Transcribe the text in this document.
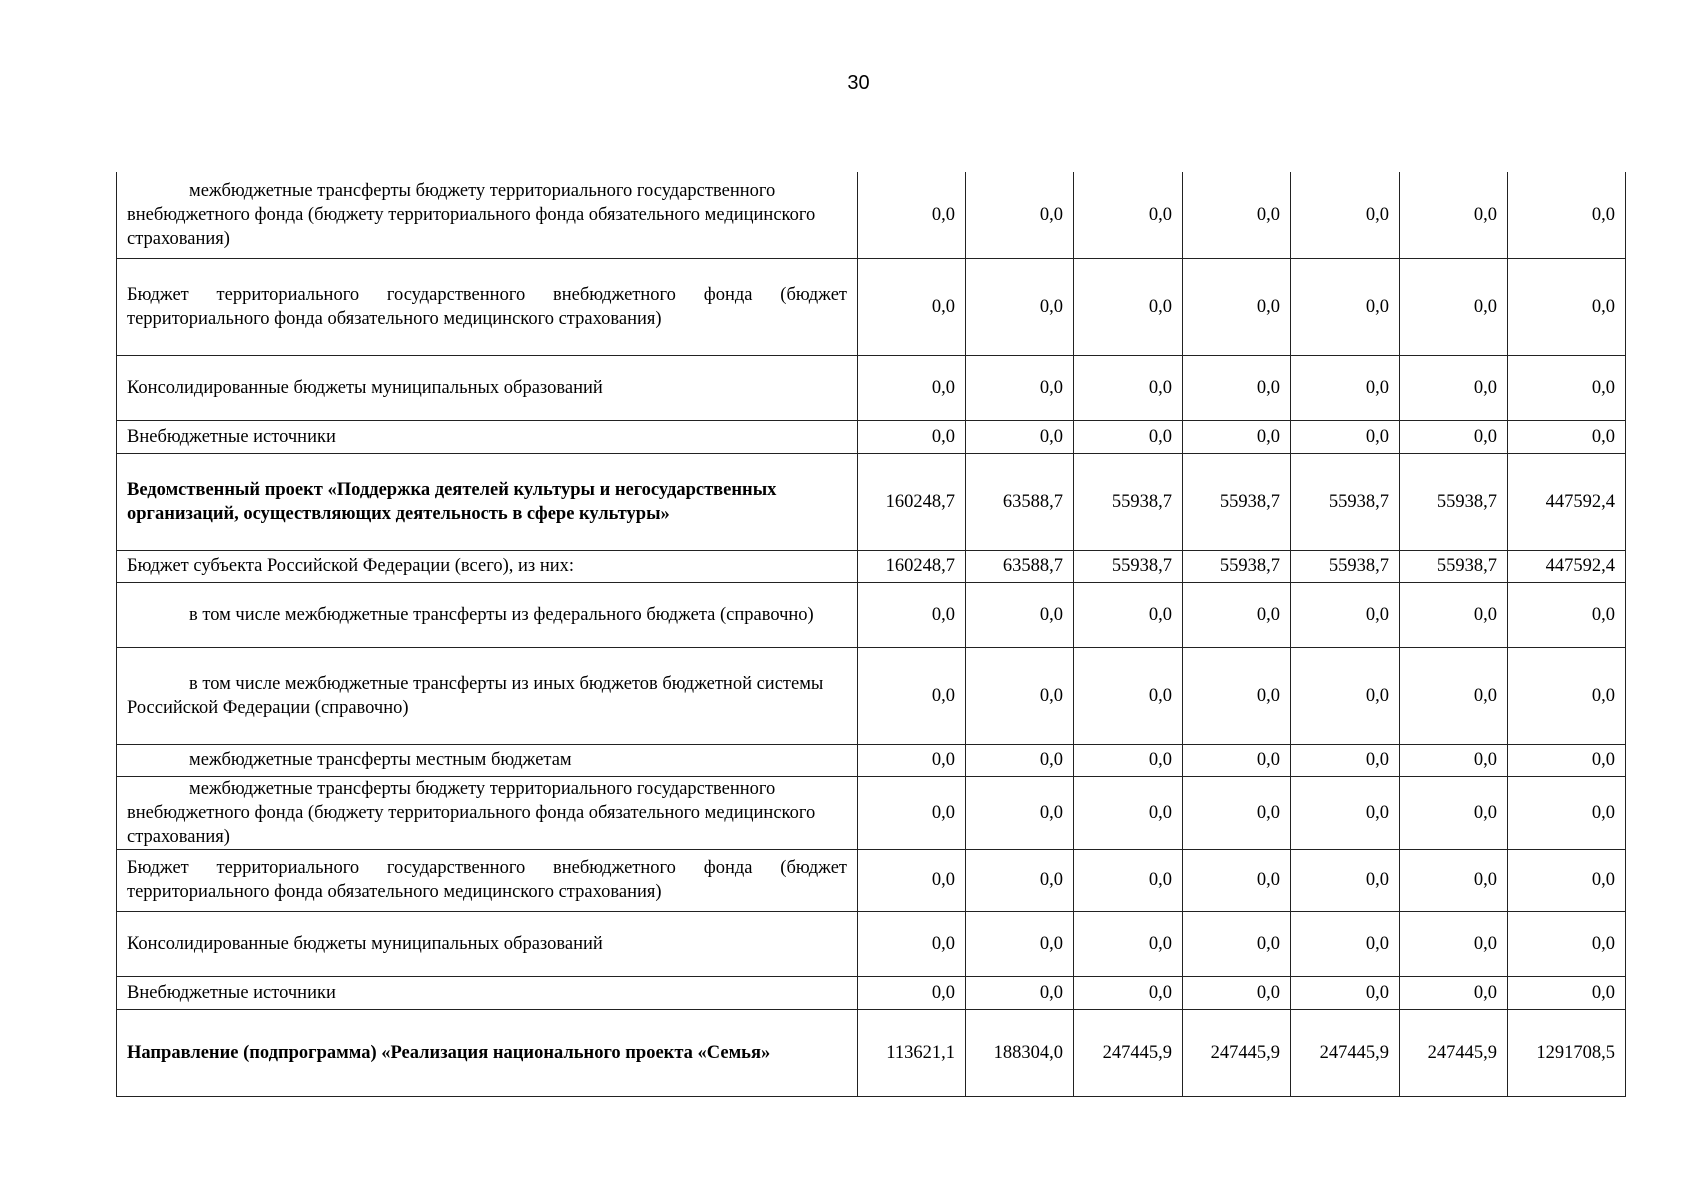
30
межбюджетные трансферты бюджету территориального государственного внебюджетного фонда (бюджету территориального фонда обязательного медицинского страхования)	0,0	0,0	0,0	0,0	0,0	0,0	0,0
Бюджет территориального государственного внебюджетного фонда (бюджет территориального фонда обязательного медицинского страхования)	0,0	0,0	0,0	0,0	0,0	0,0	0,0
Консолидированные бюджеты муниципальных образований	0,0	0,0	0,0	0,0	0,0	0,0	0,0
Внебюджетные источники	0,0	0,0	0,0	0,0	0,0	0,0	0,0
Ведомственный проект «Поддержка деятелей культуры и негосударственных организаций, осуществляющих деятельность в сфере культуры»	160248,7	63588,7	55938,7	55938,7	55938,7	55938,7	447592,4
Бюджет субъекта Российской Федерации (всего), из них:	160248,7	63588,7	55938,7	55938,7	55938,7	55938,7	447592,4
в том числе межбюджетные трансферты из федерального бюджета (справочно)	0,0	0,0	0,0	0,0	0,0	0,0	0,0
в том числе межбюджетные трансферты из иных бюджетов бюджетной системы Российской Федерации (справочно)	0,0	0,0	0,0	0,0	0,0	0,0	0,0
межбюджетные трансферты местным бюджетам	0,0	0,0	0,0	0,0	0,0	0,0	0,0
межбюджетные трансферты бюджету территориального государственного внебюджетного фонда (бюджету территориального фонда обязательного медицинского страхования)	0,0	0,0	0,0	0,0	0,0	0,0	0,0
Бюджет территориального государственного внебюджетного фонда (бюджет территориального фонда обязательного медицинского страхования)	0,0	0,0	0,0	0,0	0,0	0,0	0,0
Консолидированные бюджеты муниципальных образований	0,0	0,0	0,0	0,0	0,0	0,0	0,0
Внебюджетные источники	0,0	0,0	0,0	0,0	0,0	0,0	0,0
Направление (подпрограмма) «Реализация национального проекта «Семья»	113621,1	188304,0	247445,9	247445,9	247445,9	247445,9	1291708,5
